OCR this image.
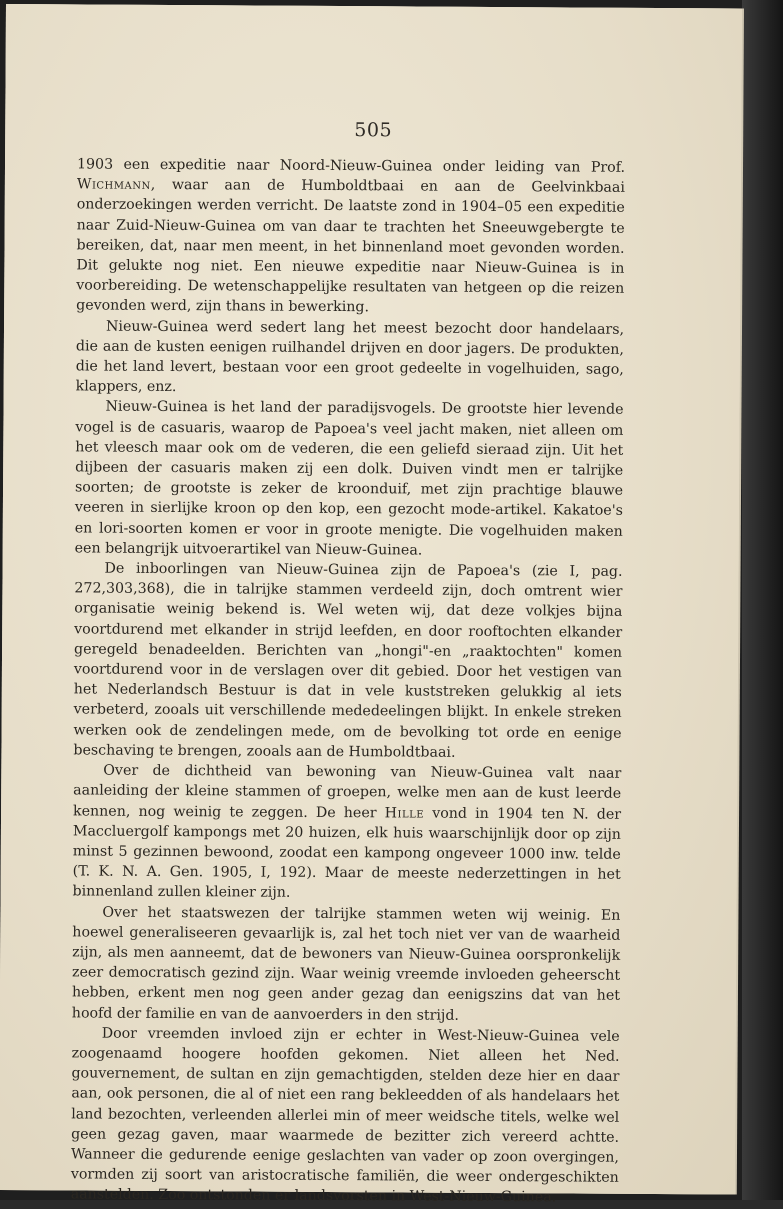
505

1903 een expeditie naar Noord-Nieuw-Guinea onder leiding van Prof. Wichmann, waar aan de Humboldtbaai en aan de Geelvinkbaai onderzoekingen werden verricht. De laatste zond in 1904–05 een expeditie naar Zuid-Nieuw-Guinea om van daar te trachten het Sneeuwgebergte te bereiken, dat, naar men meent, in het binnenland moet gevonden worden. Dit gelukte nog niet. Een nieuwe expeditie naar Nieuw-Guinea is in voorbereiding. De wetenschappelijke resultaten van hetgeen op die reizen gevonden werd, zijn thans in bewerking.

Nieuw-Guinea werd sedert lang het meest bezocht door handelaars, die aan de kusten eenigen ruilhandel drijven en door jagers. De produkten, die het land levert, bestaan voor een groot gedeelte in vogelhuiden, sago, klappers, enz.

Nieuw-Guinea is het land der paradijsvogels. De grootste hier levende vogel is de casuaris, waarop de Papoea's veel jacht maken, niet alleen om het vleesch maar ook om de vederen, die een geliefd sieraad zijn. Uit het dijbeen der casuaris maken zij een dolk. Duiven vindt men er talrijke soorten; de grootste is zeker de kroonduif, met zijn prachtige blauwe veeren in sierlijke kroon op den kop, een gezocht mode-artikel. Kakatoe's en lori-soorten komen er voor in groote menigte. Die vogelhuiden maken een belangrijk uitvoerartikel van Nieuw-Guinea.

De inboorlingen van Nieuw-Guinea zijn de Papoea's (zie I, pag. 272,303,368), die in talrijke stammen verdeeld zijn, doch omtrent wier organisatie weinig bekend is. Wel weten wij, dat deze volkjes bijna voortdurend met elkander in strijd leefden, en door rooftochten elkander geregeld benadeelden. Berichten van „hongi"-en „raaktochten" komen voortdurend voor in de verslagen over dit gebied. Door het vestigen van het Nederlandsch Bestuur is dat in vele kuststreken gelukkig al iets verbeterd, zooals uit verschillende mededeelingen blijkt. In enkele streken werken ook de zendelingen mede, om de bevolking tot orde en eenige beschaving te brengen, zooals aan de Humboldtbaai.

Over de dichtheid van bewoning van Nieuw-Guinea valt naar aanleiding der kleine stammen of groepen, welke men aan de kust leerde kennen, nog weinig te zeggen. De heer Hille vond in 1904 ten N. der Maccluergolf kampongs met 20 huizen, elk huis waarschijnlijk door op zijn minst 5 gezinnen bewoond, zoodat een kampong ongeveer 1000 inw. telde (T. K. N. A. Gen. 1905, I, 192). Maar de meeste nederzettingen in het binnenland zullen kleiner zijn.

Over het staatswezen der talrijke stammen weten wij weinig. En hoewel generaliseeren gevaarlijk is, zal het toch niet ver van de waarheid zijn, als men aanneemt, dat de bewoners van Nieuw-Guinea oorspronkelijk zeer democratisch gezind zijn. Waar weinig vreemde invloeden geheerscht hebben, erkent men nog geen ander gezag dan eenigszins dat van het hoofd der familie en van de aanvoerders in den strijd.

Door vreemden invloed zijn er echter in West-Nieuw-Guinea vele zoogenaamd hoogere hoofden gekomen. Niet alleen het Ned. gouvernement, de sultan en zijn gemachtigden, stelden deze hier en daar aan, ook personen, die al of niet een rang bekleedden of als handelaars het land bezochten, verleenden allerlei min of meer weidsche titels, welke wel geen gezag gaven, maar waarmede de bezitter zich vereerd achtte. Wanneer die gedurende eenige geslachten van vader op zoon overgingen, vormden zij soort van aristocratische familiën, die weer ondergeschikten aanstelden. Zoo ontstonden er landsvorsten in West-Nieuw-Guinea.
